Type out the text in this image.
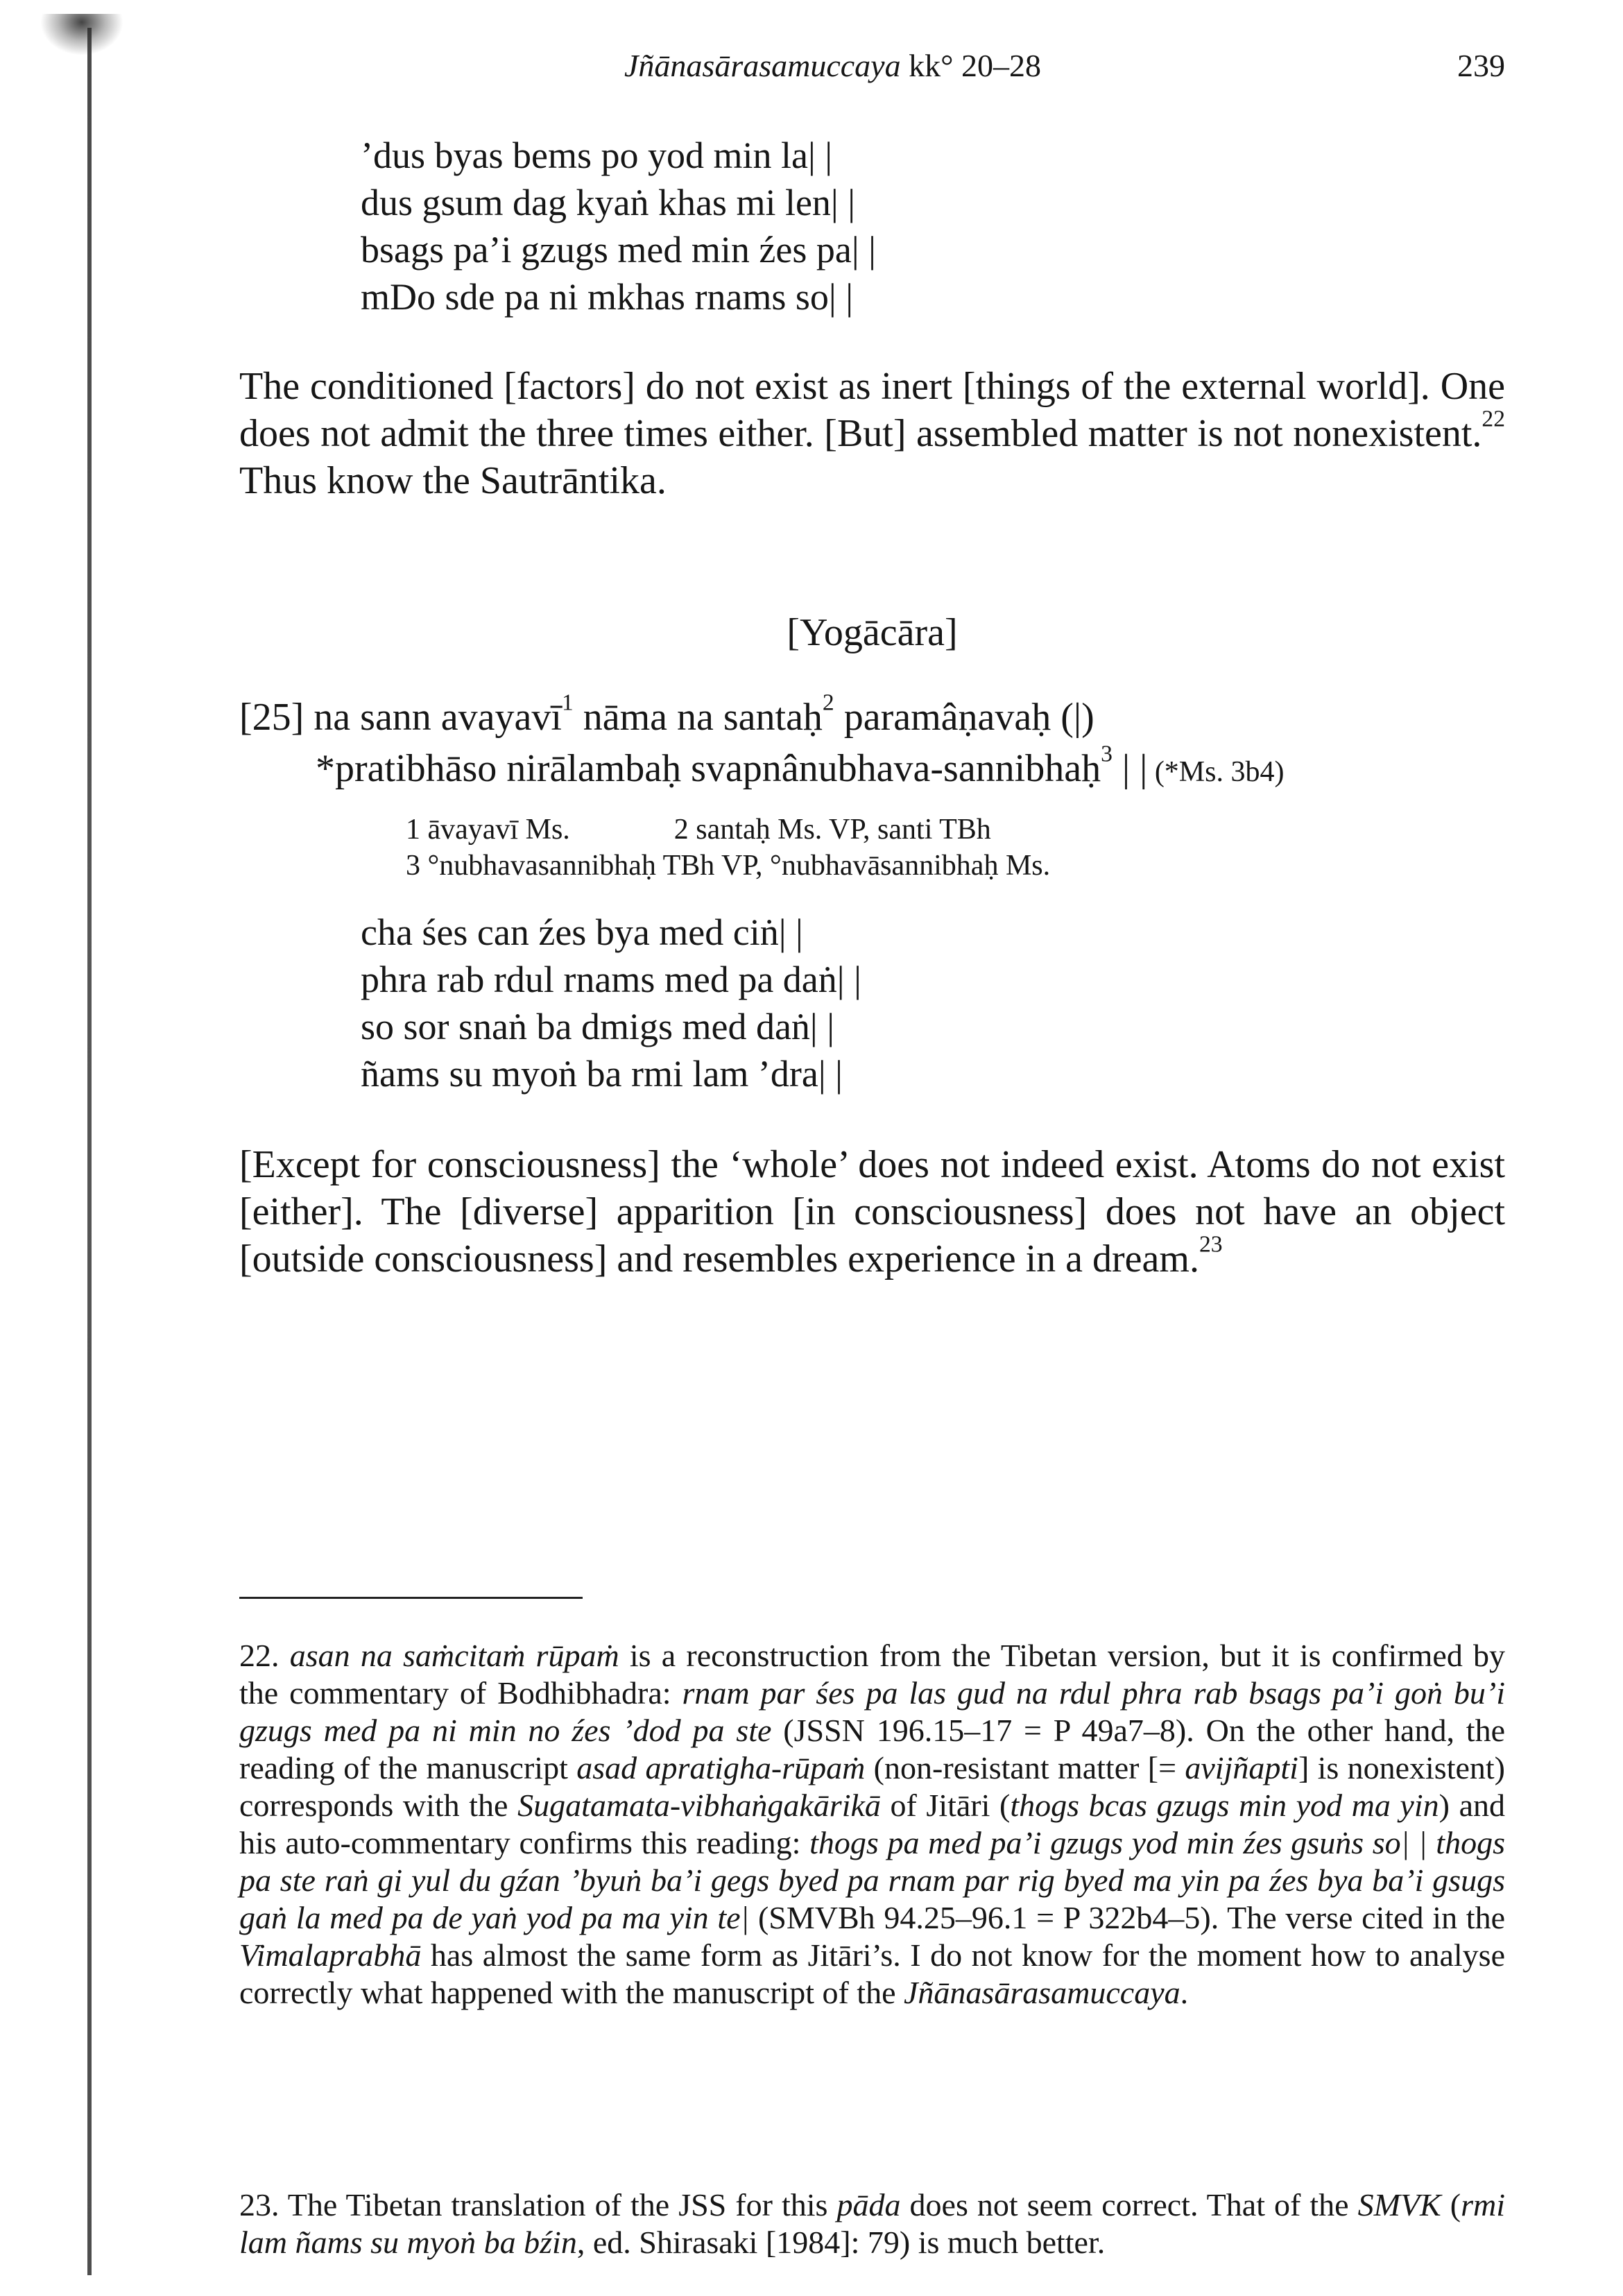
Jñānasārasamuccaya kk° 20–28	239
’dus byas bems po yod min la| |
dus gsum dag kyaṅ khas mi len| |
bsags pa’i gzugs med min źes pa| |
mDo sde pa ni mkhas rnams so| |
The conditioned [factors] do not exist as inert [things of the external world]. One does not admit the three times either. [But] assembled matter is not nonexistent.$^{22}$ Thus know the Sautrāntika.
[Yogācāra]
[25] na sann avayavī$^1$ nāma na santaḥ$^2$ paramâṇavaḥ (|)
*pratibhāso nirālambaḥ svapnânubhava-sannibhaḥ$^3$ | | (*Ms. 3b4)
1 āvayavī Ms.	2 santaḥ Ms. VP, santi TBh
3 °nubhavasannibhaḥ TBh VP, °nubhavāsannibhaḥ Ms.
cha śes can źes bya med ciṅ| |
phra rab rdul rnams med pa daṅ| |
so sor snaṅ ba dmigs med daṅ| |
ñams su myoṅ ba rmi lam ’dra| |
[Except for consciousness] the ‘whole’ does not indeed exist. Atoms do not exist [either]. The [diverse] apparition [in consciousness] does not have an object [outside consciousness] and resembles experience in a dream.$^{23}$
22. asan na saṁcitaṁ rūpaṁ is a reconstruction from the Tibetan version, but it is confirmed by the commentary of Bodhibhadra: rnam par śes pa las gud na rdul phra rab bsags pa’i goṅ bu’i gzugs med pa ni min no źes ’dod pa ste (JSSN 196.15–17 = P 49a7–8). On the other hand, the reading of the manuscript asad apratigha-rūpaṁ (non-resistant matter [= avijñapti] is nonexistent) corresponds with the Sugatamata-vibhaṅgakārikā of Jitāri (thogs bcas gzugs min yod ma yin) and his auto-commentary confirms this reading: thogs pa med pa’i gzugs yod min źes gsuṅs so| | thogs pa ste raṅ gi yul du gźan ’byuṅ ba’i gegs byed pa rnam par rig byed ma yin pa źes bya ba’i gsugs gaṅ la med pa de yaṅ yod pa ma yin te| (SMVBh 94.25–96.1 = P 322b4–5). The verse cited in the Vimalaprabhā has almost the same form as Jitāri’s. I do not know for the moment how to analyse correctly what happened with the manuscript of the Jñānasārasamuccaya.
23. The Tibetan translation of the JSS for this pāda does not seem correct. That of the SMVK (rmi lam ñams su myoṅ ba bźin, ed. Shirasaki [1984]: 79) is much better.
